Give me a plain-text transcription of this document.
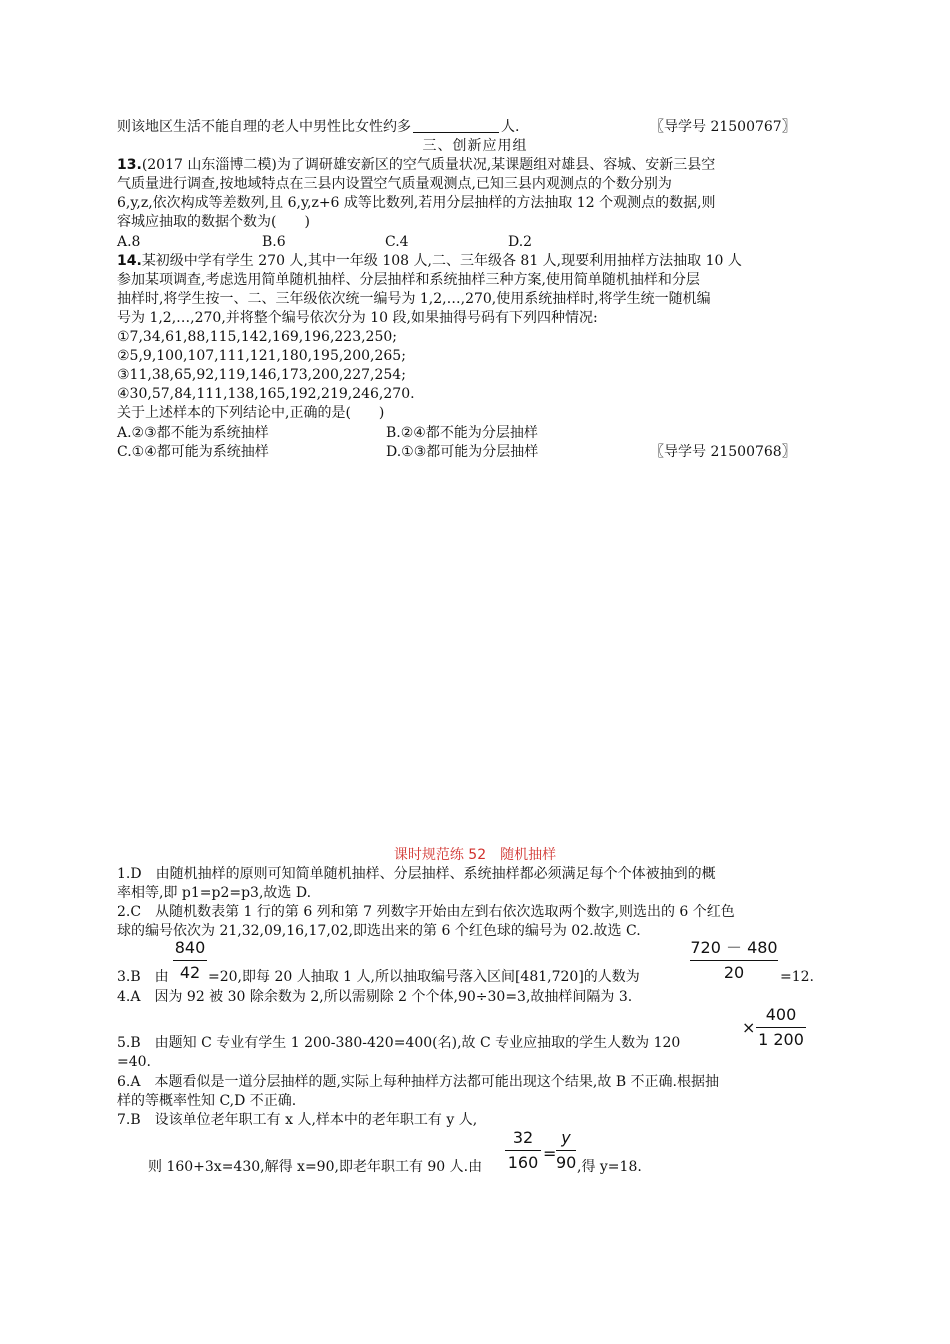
则该地区生活不能自理的老人中男性比女性约多	人.	〖导学号 21500767〗
三、创新应用组
13.(2017 山东淄博二模)为了调研雄安新区的空气质量状况,某课题组对雄县、容城、安新三县空
气质量进行调查,按地域特点在三县内设置空气质量观测点,已知三县内观测点的个数分别为
6,y,z,依次构成等差数列,且 6,y,z+6 成等比数列,若用分层抽样的方法抽取 12 个观测点的数据,则
容城应抽取的数据个数为(　　)
A.8	B.6	C.4	D.2
14.某初级中学有学生 270 人,其中一年级 108 人,二、三年级各 81 人,现要利用抽样方法抽取 10 人
参加某项调查,考虑选用简单随机抽样、分层抽样和系统抽样三种方案,使用简单随机抽样和分层
抽样时,将学生按一、二、三年级依次统一编号为 1,2,…,270,使用系统抽样时,将学生统一随机编
号为 1,2,…,270,并将整个编号依次分为 10 段,如果抽得号码有下列四种情况:
①7,34,61,88,115,142,169,196,223,250;
②5,9,100,107,111,121,180,195,200,265;
③11,38,65,92,119,146,173,200,227,254;
④30,57,84,111,138,165,192,219,246,270.
关于上述样本的下列结论中,正确的是(　　)
A.②③都不能为系统抽样	B.②④都不能为分层抽样
C.①④都可能为系统抽样	D.①③都可能为分层抽样	〖导学号 21500768〗
课时规范练 52　随机抽样
1.D　由随机抽样的原则可知简单随机抽样、分层抽样、系统抽样都必须满足每个个体被抽到的概
率相等,即 p1=p2=p3,故选 D.
2.C　从随机数表第 1 行的第 6 列和第 7 列数字开始由左到右依次选取两个数字,则选出的 6 个红色
球的编号依次为 21,32,09,16,17,02,即选出来的第 6 个红色球的编号为 02.故选 C.
3.B　由
840
42 =20,即每 20 人抽取 1 人,所以抽取编号落入区间[481,720]的人数为
720 － 480
20	=12.
4.A　因为 92 被 30 除余数为 2,所以需剔除 2 个个体,90÷30=3,故抽样间隔为 3.
×
400
1 200
5.B　由题知 C 专业有学生 1 200-380-420=400(名),故 C 专业应抽取的学生人数为 120
=40.
6.A　本题看似是一道分层抽样的题,实际上每种抽样方法都可能出现这个结果,故 B 不正确.根据抽
样的等概率性知 C,D 不正确.
7.B　设该单位老年职工有 x 人,样本中的老年职工有 y 人,
则 160+3x=430,解得 x=90,即老年职工有 90 人.由
32
160 =
y
90 ,得 y=18.
